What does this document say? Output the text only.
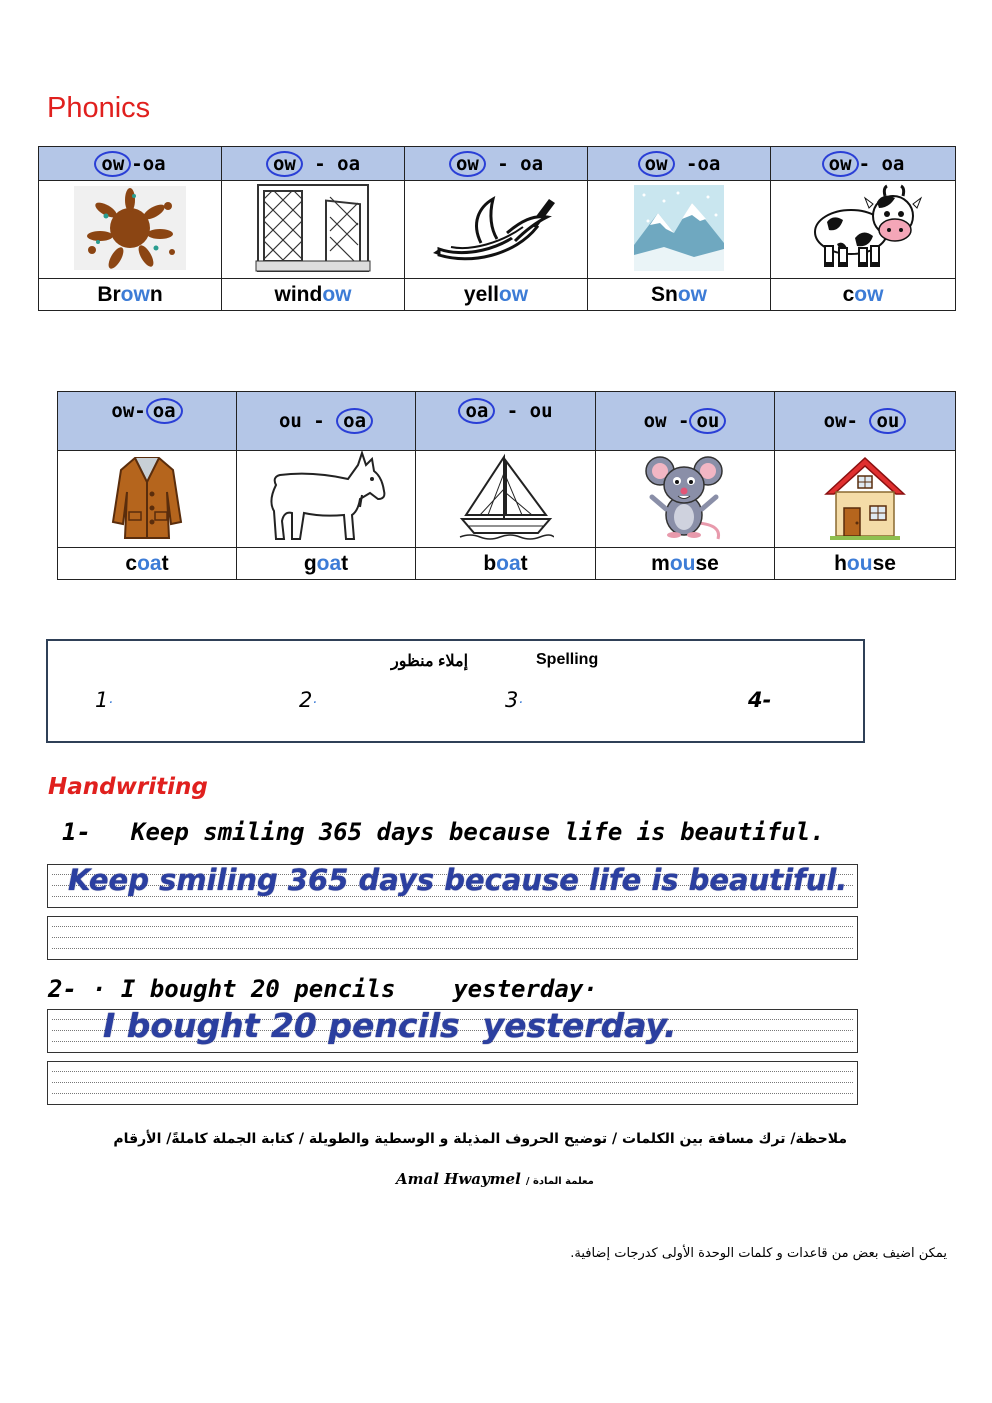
Phonics
ow -oa	ow - oa	ow - oa	ow -oa	ow - oa

Brown	window	yellow	Snow	cow
ow- oa	ou - oa	oa - ou	ow - ou	ow- ou

coat	goat	boat	mouse	house
إملاء منظور	Spelling
1·	2·	3·	4-
Handwriting
1- Keep smiling 365 days because life is beautiful.
Keep smiling 365 days because life is beautiful.
2- · I bought 20 pencils    yesterday·
I bought 20 pencils  yesterday.
ملاحظة/ ترك مسافة بين الكلمات / توضيح الحروف المذيلة و الوسطية والطويلة / كتابة الجملة كاملةً/ الأرقام
Amal Hwaymel معلمة المادة /
يمكن اضيف بعض من قاعدات و كلمات الوحدة الأولى كدرجات إضافية.
